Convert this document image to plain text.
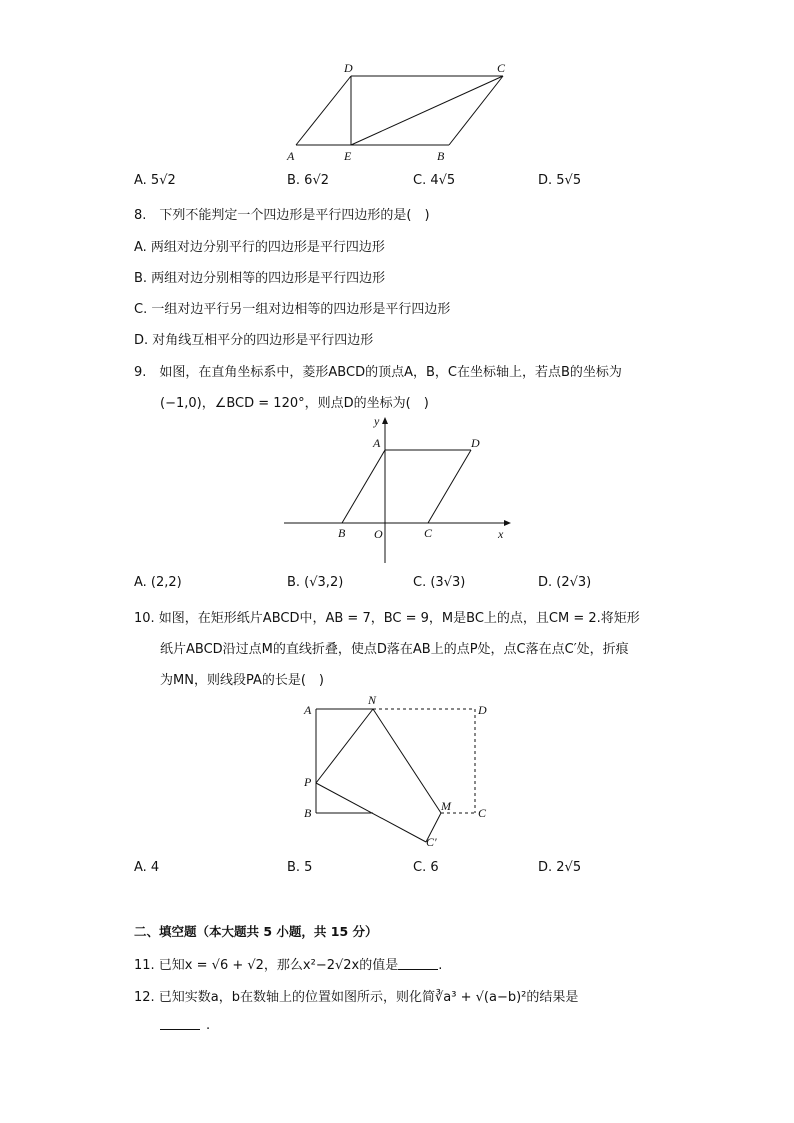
D	C
A	E	B
A. 5√2	B. 6√2	C. 4√5	D. 5√5
8.　下列不能判定一个四边形是平行四边形的是(　)
A. 两组对边分别平行的四边形是平行四边形
B. 两组对边分别相等的四边形是平行四边形
C. 一组对边平行另一组对边相等的四边形是平行四边形
D. 对角线互相平分的四边形是平行四边形
9.　如图，在直角坐标系中，菱形ABCD的顶点A，B，C在坐标轴上，若点B的坐标为
(−1,0)，∠BCD = 120°，则点D的坐标为(　)
y
A	D
B O	C	x
A. (2,2)	B. (√3,2)	C. (3√3)	D. (2√3)
10. 如图，在矩形纸片ABCD中，AB = 7，BC = 9，M是BC上的点，且CM = 2.将矩形
纸片ABCD沿过点M的直线折叠，使点D落在AB上的点P处，点C落在点C′处，折痕
为MN，则线段PA的长是(　)
A
N
D
P
B	M C
C′
A. 4	B. 5	C. 6	D. 2√5
二、填空题（本大题共 5 小题，共 15 分）
11. 已知x = √6 + √2，那么x²−2√2x的值是	.
12. 已知实数a，b在数轴上的位置如图所示，则化简∛a³ + √(a−b)²的结果是
.
